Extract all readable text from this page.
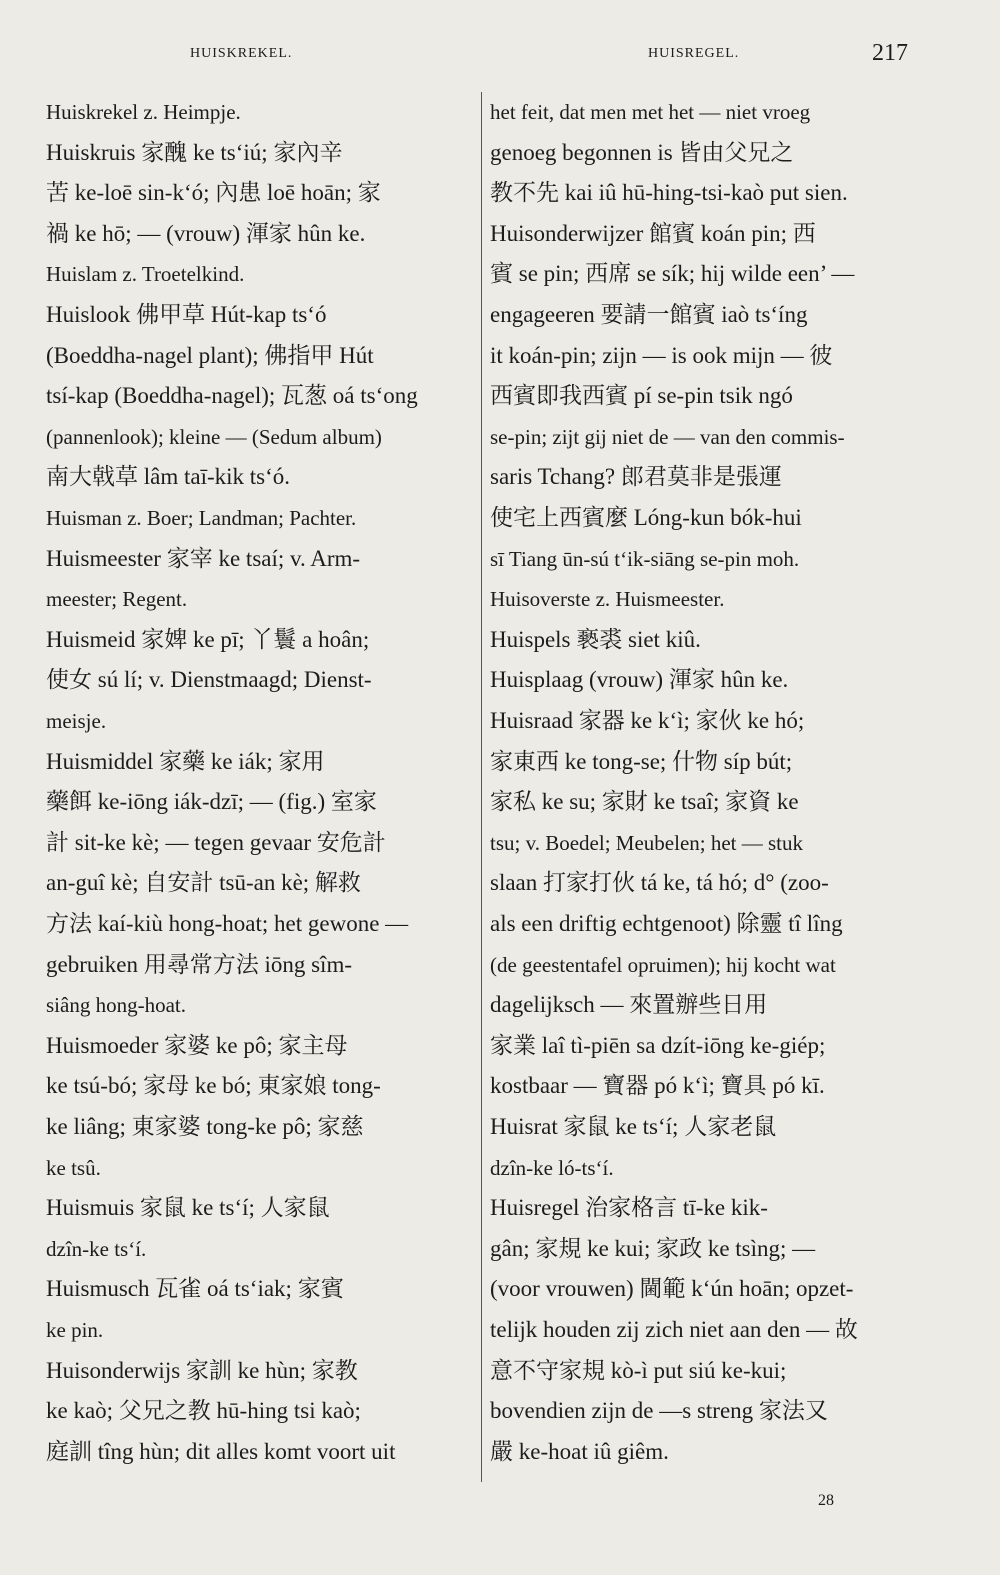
HUISKREKEL.	HUISREGEL.	217
Huiskrekel z. Heimpje.
Huiskruis 家醜 ke ts‘iú; 家內辛
苦 ke-loē sin-k‘ó; 內患 loē hoān; 家
禍 ke hō; — (vrouw) 渾家 hûn ke.
Huislam z. Troetelkind.
Huislook 佛甲草 Hút-kap ts‘ó
(Boeddha-nagel plant); 佛指甲 Hút
tsí-kap (Boeddha-nagel); 瓦葱 oá ts‘ong
(pannenlook); kleine — (Sedum album)
南大戟草 lâm taī-kik ts‘ó.
Huisman z. Boer; Landman; Pachter.
Huismeester 家宰 ke tsaí; v. Arm-
meester; Regent.
Huismeid 家婢 ke pī; 丫鬟 a hoân;
使女 sú lí; v. Dienstmaagd; Dienst-
meisje.
Huismiddel 家藥 ke iák; 家用
藥餌 ke-iōng iák-dzī; — (fig.) 室家
計 sit-ke kè; — tegen gevaar 安危計
an-guî kè; 自安計 tsū-an kè; 解救
方法 kaí-kiù hong-hoat; het gewone —
gebruiken 用尋常方法 iōng sîm-
siâng hong-hoat.
Huismoeder 家婆 ke pô; 家主母
ke tsú-bó; 家母 ke bó; 東家娘 tong-
ke liâng; 東家婆 tong-ke pô; 家慈
ke tsû.
Huismuis 家鼠 ke ts‘í; 人家鼠
dzîn-ke ts‘í.
Huismusch 瓦雀 oá ts‘iak; 家賓
ke pin.
Huisonderwijs 家訓 ke hùn; 家教
ke kaò; 父兄之教 hū-hing tsi kaò;
庭訓 tîng hùn; dit alles komt voort uit
het feit, dat men met het — niet vroeg
genoeg begonnen is 皆由父兄之
教不先 kai iû hū-hing-tsi-kaò put sien.
Huisonderwijzer 館賓 koán pin; 西
賓 se pin; 西席 se sík; hij wilde een’ —
engageeren 要請一館賓 iaò ts‘íng
it koán-pin; zijn — is ook mijn — 彼
西賓即我西賓 pí se-pin tsik ngó
se-pin; zijt gij niet de — van den commis-
saris Tchang? 郎君莫非是張運
使宅上西賓麼 Lóng-kun bók-hui
sī Tiang ūn-sú t‘ik-siāng se-pin moh.
Huisoverste z. Huismeester.
Huispels 褻裘 siet kiû.
Huisplaag (vrouw) 渾家 hûn ke.
Huisraad 家器 ke k‘ì; 家伙 ke hó;
家東西 ke tong-se; 什物 síp bút;
家私 ke su; 家財 ke tsaî; 家資 ke
tsu; v. Boedel; Meubelen; het — stuk
slaan 打家打伙 tá ke, tá hó; d° (zoo-
als een driftig echtgenoot) 除靈 tî lîng
(de geestentafel opruimen); hij kocht wat
dagelijksch — 來置辦些日用
家業 laî tì-piēn sa dzít-iōng ke-giép;
kostbaar — 寶器 pó k‘ì; 寶具 pó kī.
Huisrat 家鼠 ke ts‘í; 人家老鼠
dzîn-ke ló-ts‘í.
Huisregel 治家格言 tī-ke kik-
gân; 家規 ke kui; 家政 ke tsìng; —
(voor vrouwen) 閫範 k‘ún hoān; opzet-
telijk houden zij zich niet aan den — 故
意不守家規 kò-ì put siú ke-kui;
bovendien zijn de —s streng 家法又
嚴 ke-hoat iû giêm.
28
